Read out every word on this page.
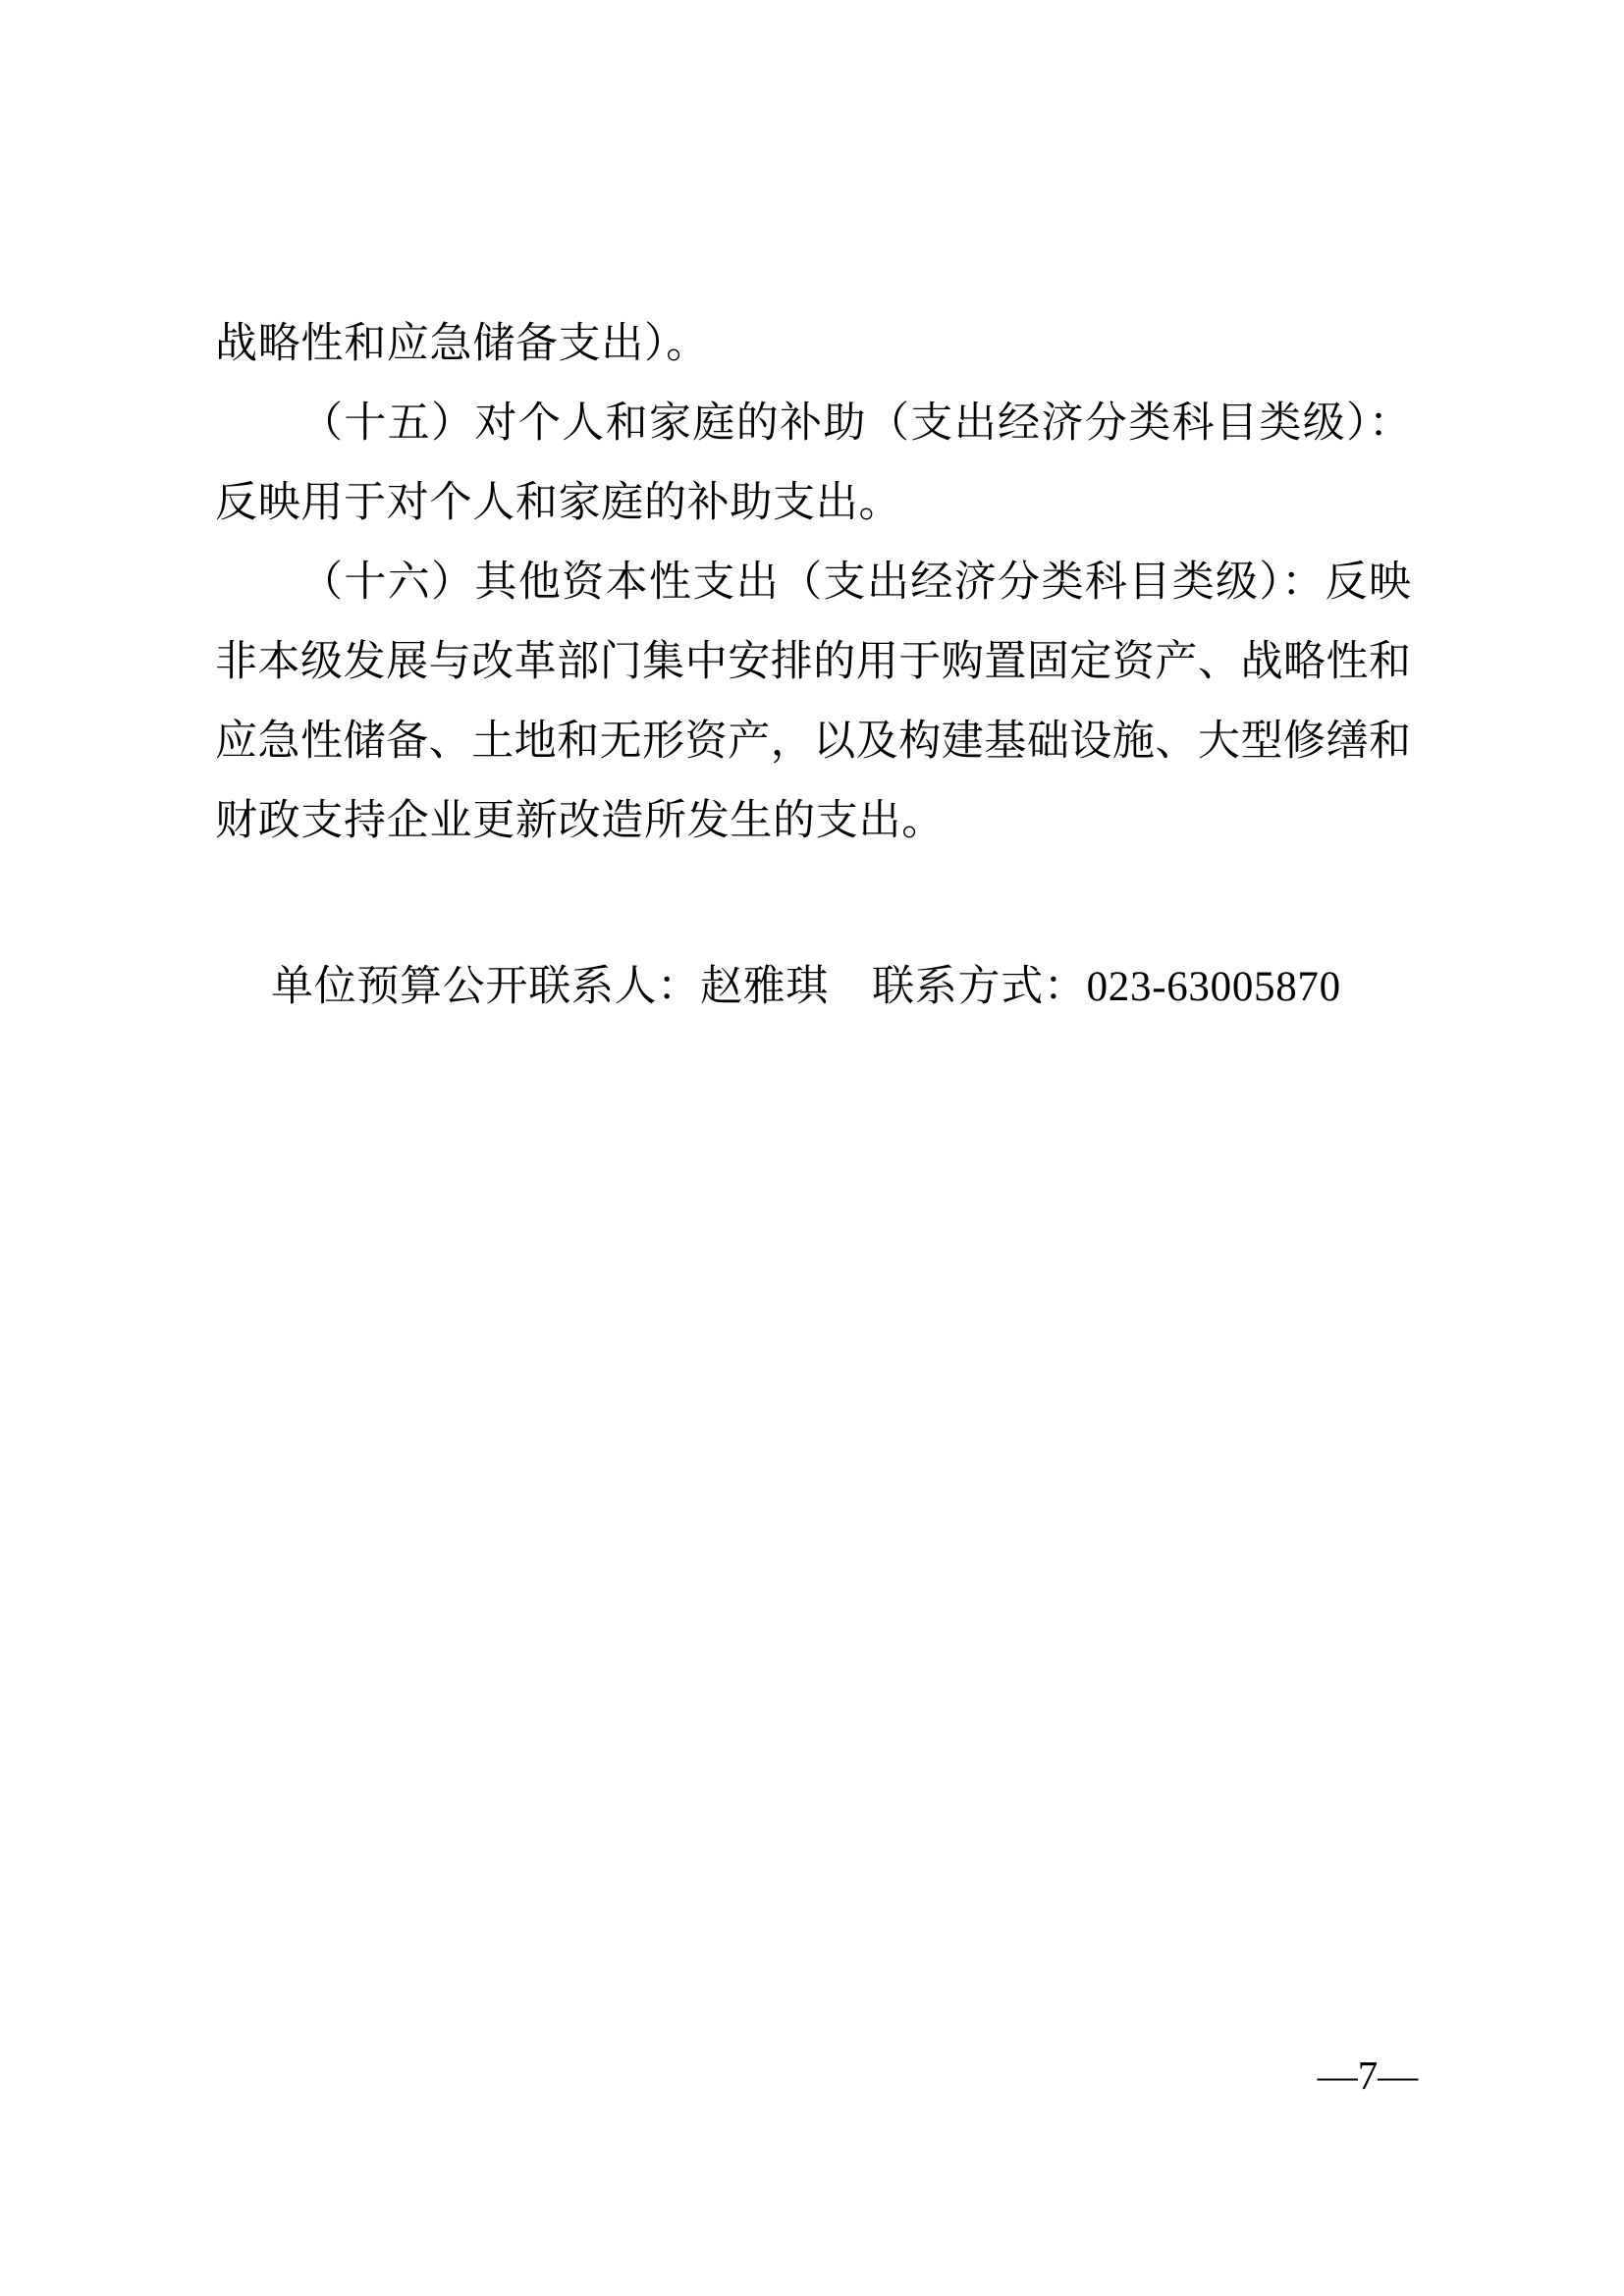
战略性和应急储备支出）。
（十五）对个人和家庭的补助（支出经济分类科目类级）：
反映用于对个人和家庭的补助支出。
（十六）其他资本性支出（支出经济分类科目类级）：反映
非本级发展与改革部门集中安排的用于购置固定资产、战略性和
应急性储备、土地和无形资产，以及构建基础设施、大型修缮和
财政支持企业更新改造所发生的支出。
单位预算公开联系人：赵雅琪 联系方式：023-63005870
—7—
